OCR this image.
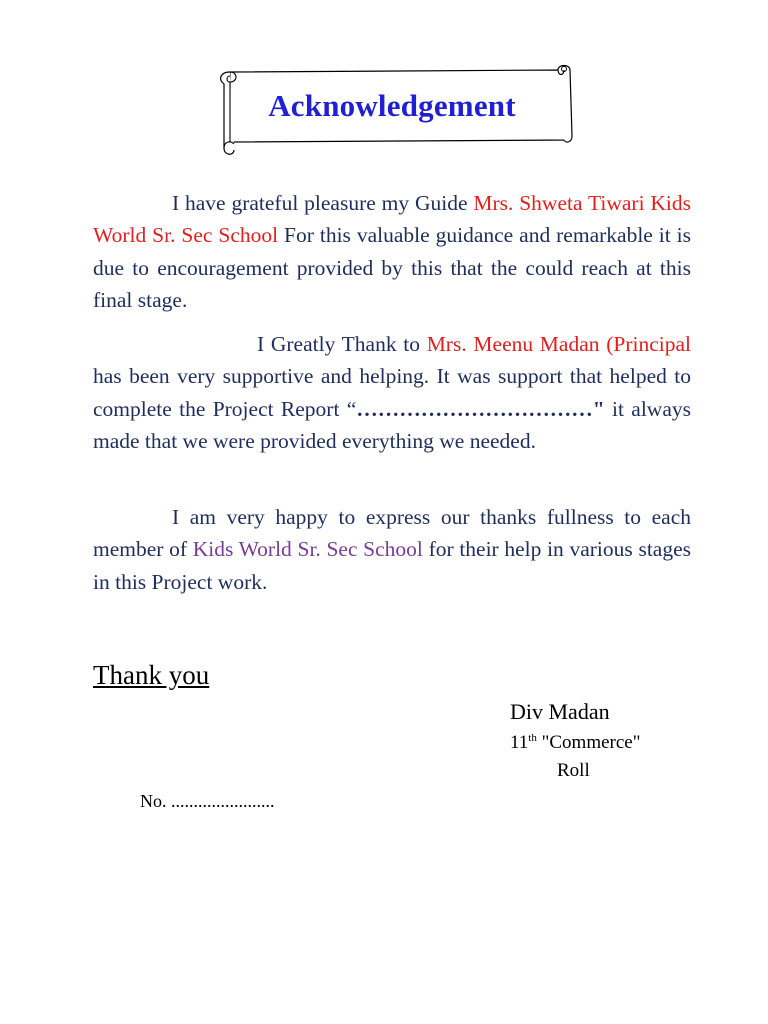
Acknowledgement

I have grateful pleasure my Guide Mrs. Shweta Tiwari Kids World Sr. Sec School For this valuable guidance and remarkable it is due to encouragement provided by this that the could reach at this final stage.

I Greatly Thank to Mrs. Meenu Madan (Principal has been very supportive and helping. It was support that helped to complete the Project Report “……………………………" it always made that we were provided everything we needed.

I am very happy to express our thanks fullness to each member of Kids World Sr. Sec School for their help in various stages in this Project work.

Thank you
Div Madan
11th "Commerce"
Roll
No. .......................
